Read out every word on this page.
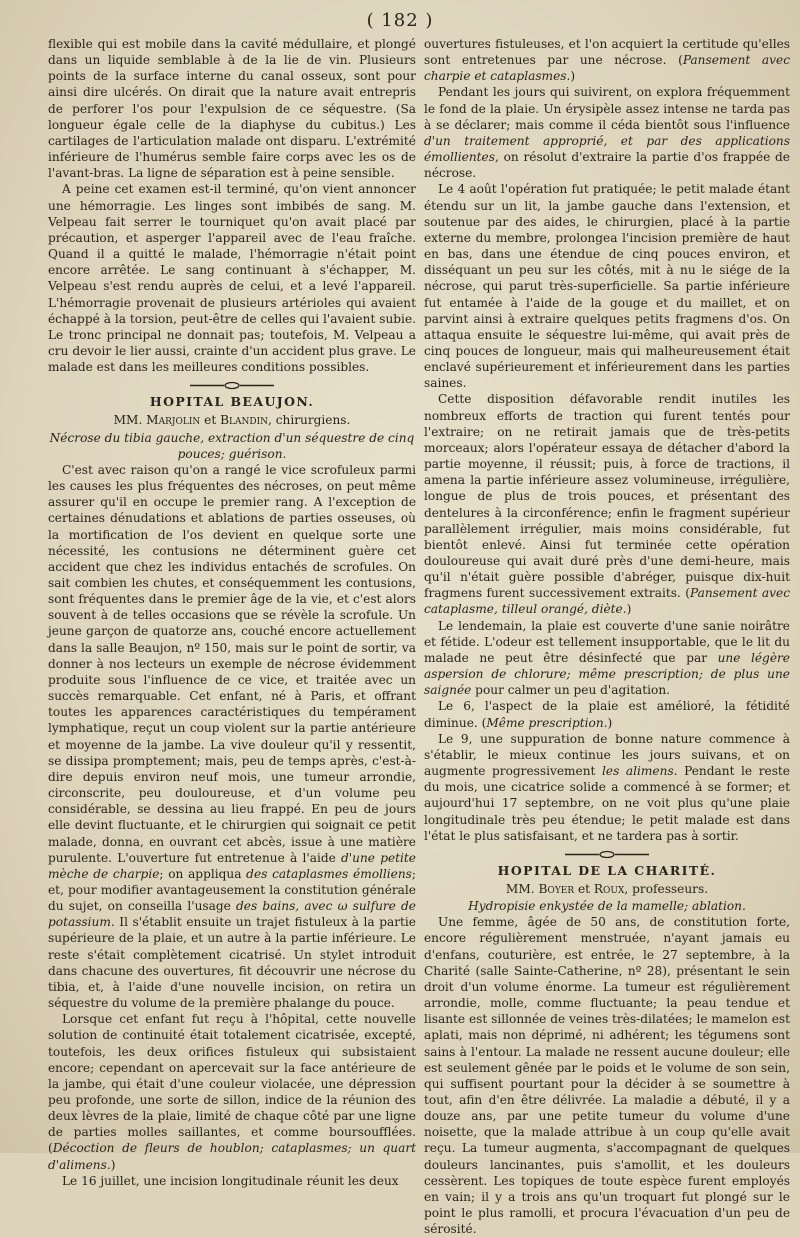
( 182 )

flexible qui est mobile dans la cavité médullaire, et plongé dans un liquide semblable à de la lie de vin. Plusieurs points de la surface interne du canal osseux, sont pour ainsi dire ulcérés. On dirait que la nature avait entrepris de perforer l'os pour l'expulsion de ce séquestre. (Sa longueur égale celle de la diaphyse du cubitus.) Les cartilages de l'articulation malade ont disparu. L'extrémité inférieure de l'humérus semble faire corps avec les os de l'avant-bras. La ligne de séparation est à peine sensible.

A peine cet examen est-il terminé, qu'on vient annoncer une hémorragie. Les linges sont imbibés de sang. M. Velpeau fait serrer le tourniquet qu'on avait placé par précaution, et asperger l'appareil avec de l'eau fraîche. Quand il a quitté le malade, l'hémorragie n'était point encore arrêtée. Le sang continuant à s'échapper, M. Velpeau s'est rendu auprès de celui, et a levé l'appareil. L'hémorragie provenait de plusieurs artérioles qui avaient échappé à la torsion, peut-être de celles qui l'avaient subie. Le tronc principal ne donnait pas; toutefois, M. Velpeau a cru devoir le lier aussi, crainte d'un accident plus grave. Le malade est dans les meilleures conditions possibles.

HOPITAL BEAUJON.

MM. Marjolin et Blandin, chirurgiens.

Nécrose du tibia gauche, extraction d'un séquestre de cinq pouces; guérison.

C'est avec raison qu'on a rangé le vice scrofuleux parmi les causes les plus fréquentes des nécroses, on peut même assurer qu'il en occupe le premier rang. A l'exception de certaines dénudations et ablations de parties osseuses, où la mortification de l'os devient en quelque sorte une nécessité, les contusions ne déterminent guère cet accident que chez les individus entachés de scrofules. On sait combien les chutes, et conséquemment les contusions, sont fréquentes dans le premier âge de la vie, et c'est alors souvent à de telles occasions que se révèle la scrofule. Un jeune garçon de quatorze ans, couché encore actuellement dans la salle Beaujon, nº 150, mais sur le point de sortir, va donner à nos lecteurs un exemple de nécrose évidemment produite sous l'influence de ce vice, et traitée avec un succès remarquable. Cet enfant, né à Paris, et offrant toutes les apparences caractéristiques du tempérament lymphatique, reçut un coup violent sur la partie antérieure et moyenne de la jambe. La vive douleur qu'il y ressentit, se dissipa promptement; mais, peu de temps après, c'est-à-dire depuis environ neuf mois, une tumeur arrondie, circonscrite, peu douloureuse, et d'un volume peu considérable, se dessina au lieu frappé. En peu de jours elle devint fluctuante, et le chirurgien qui soignait ce petit malade, donna, en ouvrant cet abcès, issue à une matière purulente. L'ouverture fut entretenue à l'aide d'une petite mèche de charpie; on appliqua des cataplasmes émolliens; et, pour modifier avantageusement la constitution générale du sujet, on conseilla l'usage des bains, avec ω sulfure de potassium. Il s'établit ensuite un trajet fistuleux à la partie supérieure de la plaie, et un autre à la partie inférieure. Le reste s'était complètement cicatrisé. Un stylet introduit dans chacune des ouvertures, fit découvrir une nécrose du tibia, et, à l'aide d'une nouvelle incision, on retira un séquestre du volume de la première phalange du pouce.

Lorsque cet enfant fut reçu à l'hôpital, cette nouvelle solution de continuité était totalement cicatrisée, excepté, toutefois, les deux orifices fistuleux qui subsistaient encore; cependant on apercevait sur la face antérieure de la jambe, qui était d'une couleur violacée, une dépression peu profonde, une sorte de sillon, indice de la réunion des deux lèvres de la plaie, limité de chaque côté par une ligne de parties molles saillantes, et comme boursoufflées. (Décoction de fleurs de houblon; cataplasmes; un quart d'alimens.)

Le 16 juillet, une incision longitudinale réunit les deux

ouvertures fistuleuses, et l'on acquiert la certitude qu'elles sont entretenues par une nécrose. (Pansement avec charpie et cataplasmes.)

Pendant les jours qui suivirent, on explora fréquemment le fond de la plaie. Un érysipèle assez intense ne tarda pas à se déclarer; mais comme il céda bientôt sous l'influence d'un traitement approprié, et par des applications émollientes, on résolut d'extraire la partie d'os frappée de nécrose.

Le 4 août l'opération fut pratiquée; le petit malade étant étendu sur un lit, la jambe gauche dans l'extension, et soutenue par des aides, le chirurgien, placé à la partie externe du membre, prolongea l'incision première de haut en bas, dans une étendue de cinq pouces environ, et disséquant un peu sur les côtés, mit à nu le siége de la nécrose, qui parut très-superficielle. Sa partie inférieure fut entamée à l'aide de la gouge et du maillet, et on parvint ainsi à extraire quelques petits fragmens d'os. On attaqua ensuite le séquestre lui-même, qui avait près de cinq pouces de longueur, mais qui malheureusement était enclavé supérieurement et inférieurement dans les parties saines.

Cette disposition défavorable rendit inutiles les nombreux efforts de traction qui furent tentés pour l'extraire; on ne retirait jamais que de très-petits morceaux; alors l'opérateur essaya de détacher d'abord la partie moyenne, il réussit; puis, à force de tractions, il amena la partie inférieure assez volumineuse, irrégulière, longue de plus de trois pouces, et présentant des dentelures à la circonférence; enfin le fragment supérieur parallèlement irrégulier, mais moins considérable, fut bientôt enlevé. Ainsi fut terminée cette opération douloureuse qui avait duré près d'une demi-heure, mais qu'il n'était guère possible d'abréger, puisque dix-huit fragmens furent successivement extraits. (Pansement avec cataplasme, tilleul orangé, diète.)

Le lendemain, la plaie est couverte d'une sanie noirâtre et fétide. L'odeur est tellement insupportable, que le lit du malade ne peut être désinfecté que par une légère aspersion de chlorure; même prescription; de plus une saignée pour calmer un peu d'agitation.

Le 6, l'aspect de la plaie est amélioré, la fétidité diminue. (Même prescription.)

Le 9, une suppuration de bonne nature commence à s'établir, le mieux continue les jours suivans, et on augmente progressivement les alimens. Pendant le reste du mois, une cicatrice solide a commencé à se former; et aujourd'hui 17 septembre, on ne voit plus qu'une plaie longitudinale très peu étendue; le petit malade est dans l'état le plus satisfaisant, et ne tardera pas à sortir.

HOPITAL DE LA CHARITÉ.

MM. Boyer et Roux, professeurs.

Hydropisie enkystée de la mamelle; ablation.

Une femme, âgée de 50 ans, de constitution forte, encore régulièrement menstruée, n'ayant jamais eu d'enfans, couturière, est entrée, le 27 septembre, à la Charité (salle Sainte-Catherine, nº 28), présentant le sein droit d'un volume énorme. La tumeur est régulièrement arrondie, molle, comme fluctuante; la peau tendue et lisante est sillonnée de veines très-dilatées; le mamelon est aplati, mais non déprimé, ni adhérent; les tégumens sont sains à l'entour. La malade ne ressent aucune douleur; elle est seulement gênée par le poids et le volume de son sein, qui suffisent pourtant pour la décider à se soumettre à tout, afin d'en être délivrée. La maladie a débuté, il y a douze ans, par une petite tumeur du volume d'une noisette, que la malade attribue à un coup qu'elle avait reçu. La tumeur augmenta, s'accompagnant de quelques douleurs lancinantes, puis s'amollit, et les douleurs cessèrent. Les topiques de toute espèce furent employés en vain; il y a trois ans qu'un troquart fut plongé sur le point le plus ramolli, et procura l'évacuation d'un peu de sérosité.
